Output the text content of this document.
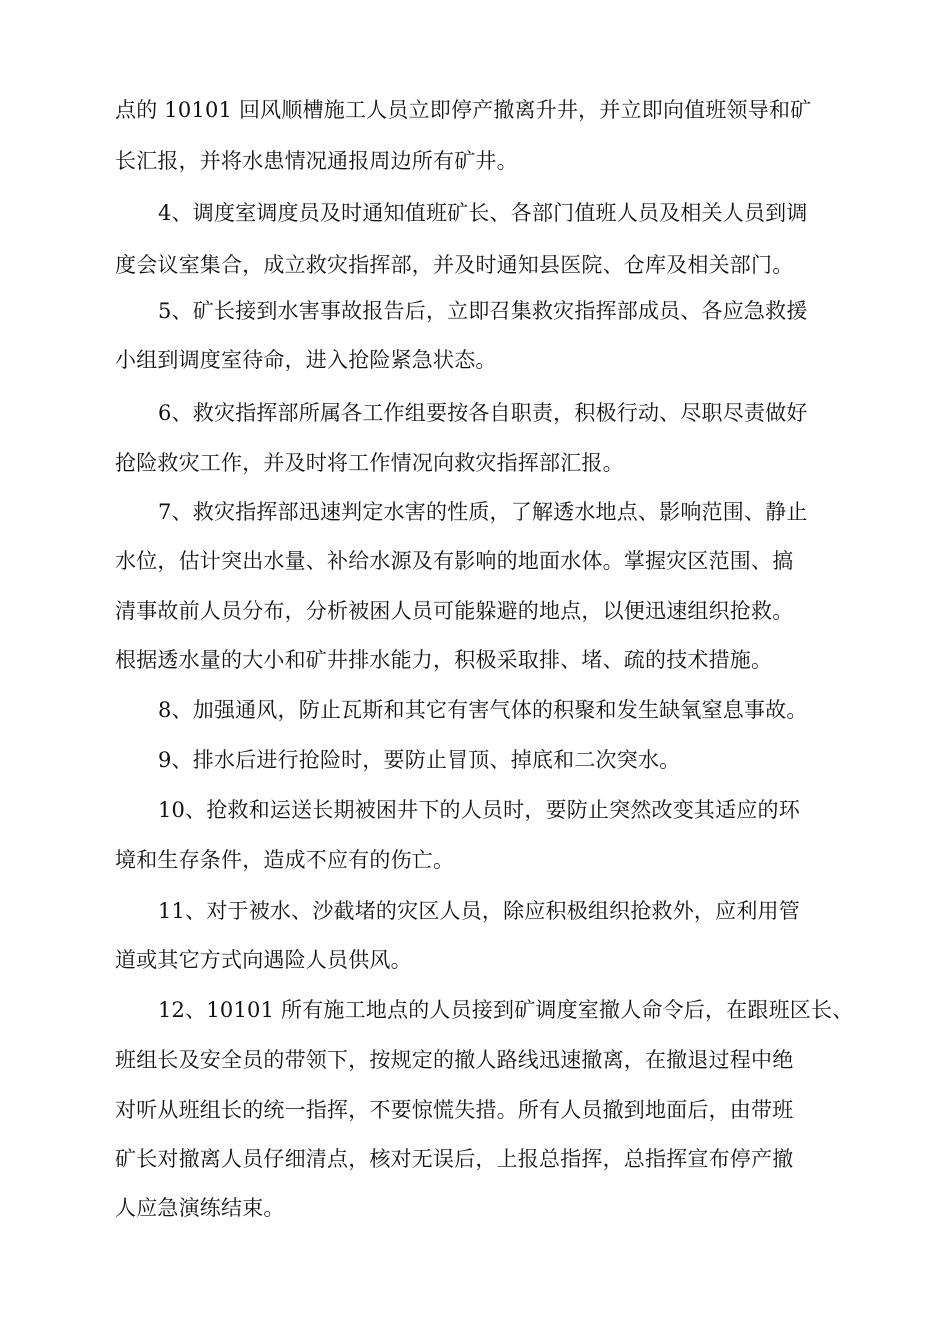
点的 10101 回风顺槽施工人员立即停产撤离升井，并立即向值班领导和矿
长汇报，并将水患情况通报周边所有矿井。
4、调度室调度员及时通知值班矿长、各部门值班人员及相关人员到调
度会议室集合，成立救灾指挥部，并及时通知县医院、仓库及相关部门。
5、矿长接到水害事故报告后，立即召集救灾指挥部成员、各应急救援
小组到调度室待命，进入抢险紧急状态。
6、救灾指挥部所属各工作组要按各自职责，积极行动、尽职尽责做好
抢险救灾工作，并及时将工作情况向救灾指挥部汇报。
7、救灾指挥部迅速判定水害的性质，了解透水地点、影响范围、静止
水位，估计突出水量、补给水源及有影响的地面水体。掌握灾区范围、搞
清事故前人员分布，分析被困人员可能躲避的地点，以便迅速组织抢救。
根据透水量的大小和矿井排水能力，积极采取排、堵、疏的技术措施。
8、加强通风，防止瓦斯和其它有害气体的积聚和发生缺氧窒息事故。
9、排水后进行抢险时，要防止冒顶、掉底和二次突水。
10、抢救和运送长期被困井下的人员时，要防止突然改变其适应的环
境和生存条件，造成不应有的伤亡。
11、对于被水、沙截堵的灾区人员，除应积极组织抢救外，应利用管
道或其它方式向遇险人员供风。
12、10101 所有施工地点的人员接到矿调度室撤人命令后，在跟班区长、
班组长及安全员的带领下，按规定的撤人路线迅速撤离，在撤退过程中绝
对听从班组长的统一指挥，不要惊慌失措。所有人员撤到地面后，由带班
矿长对撤离人员仔细清点，核对无误后，上报总指挥，总指挥宣布停产撤
人应急演练结束。
